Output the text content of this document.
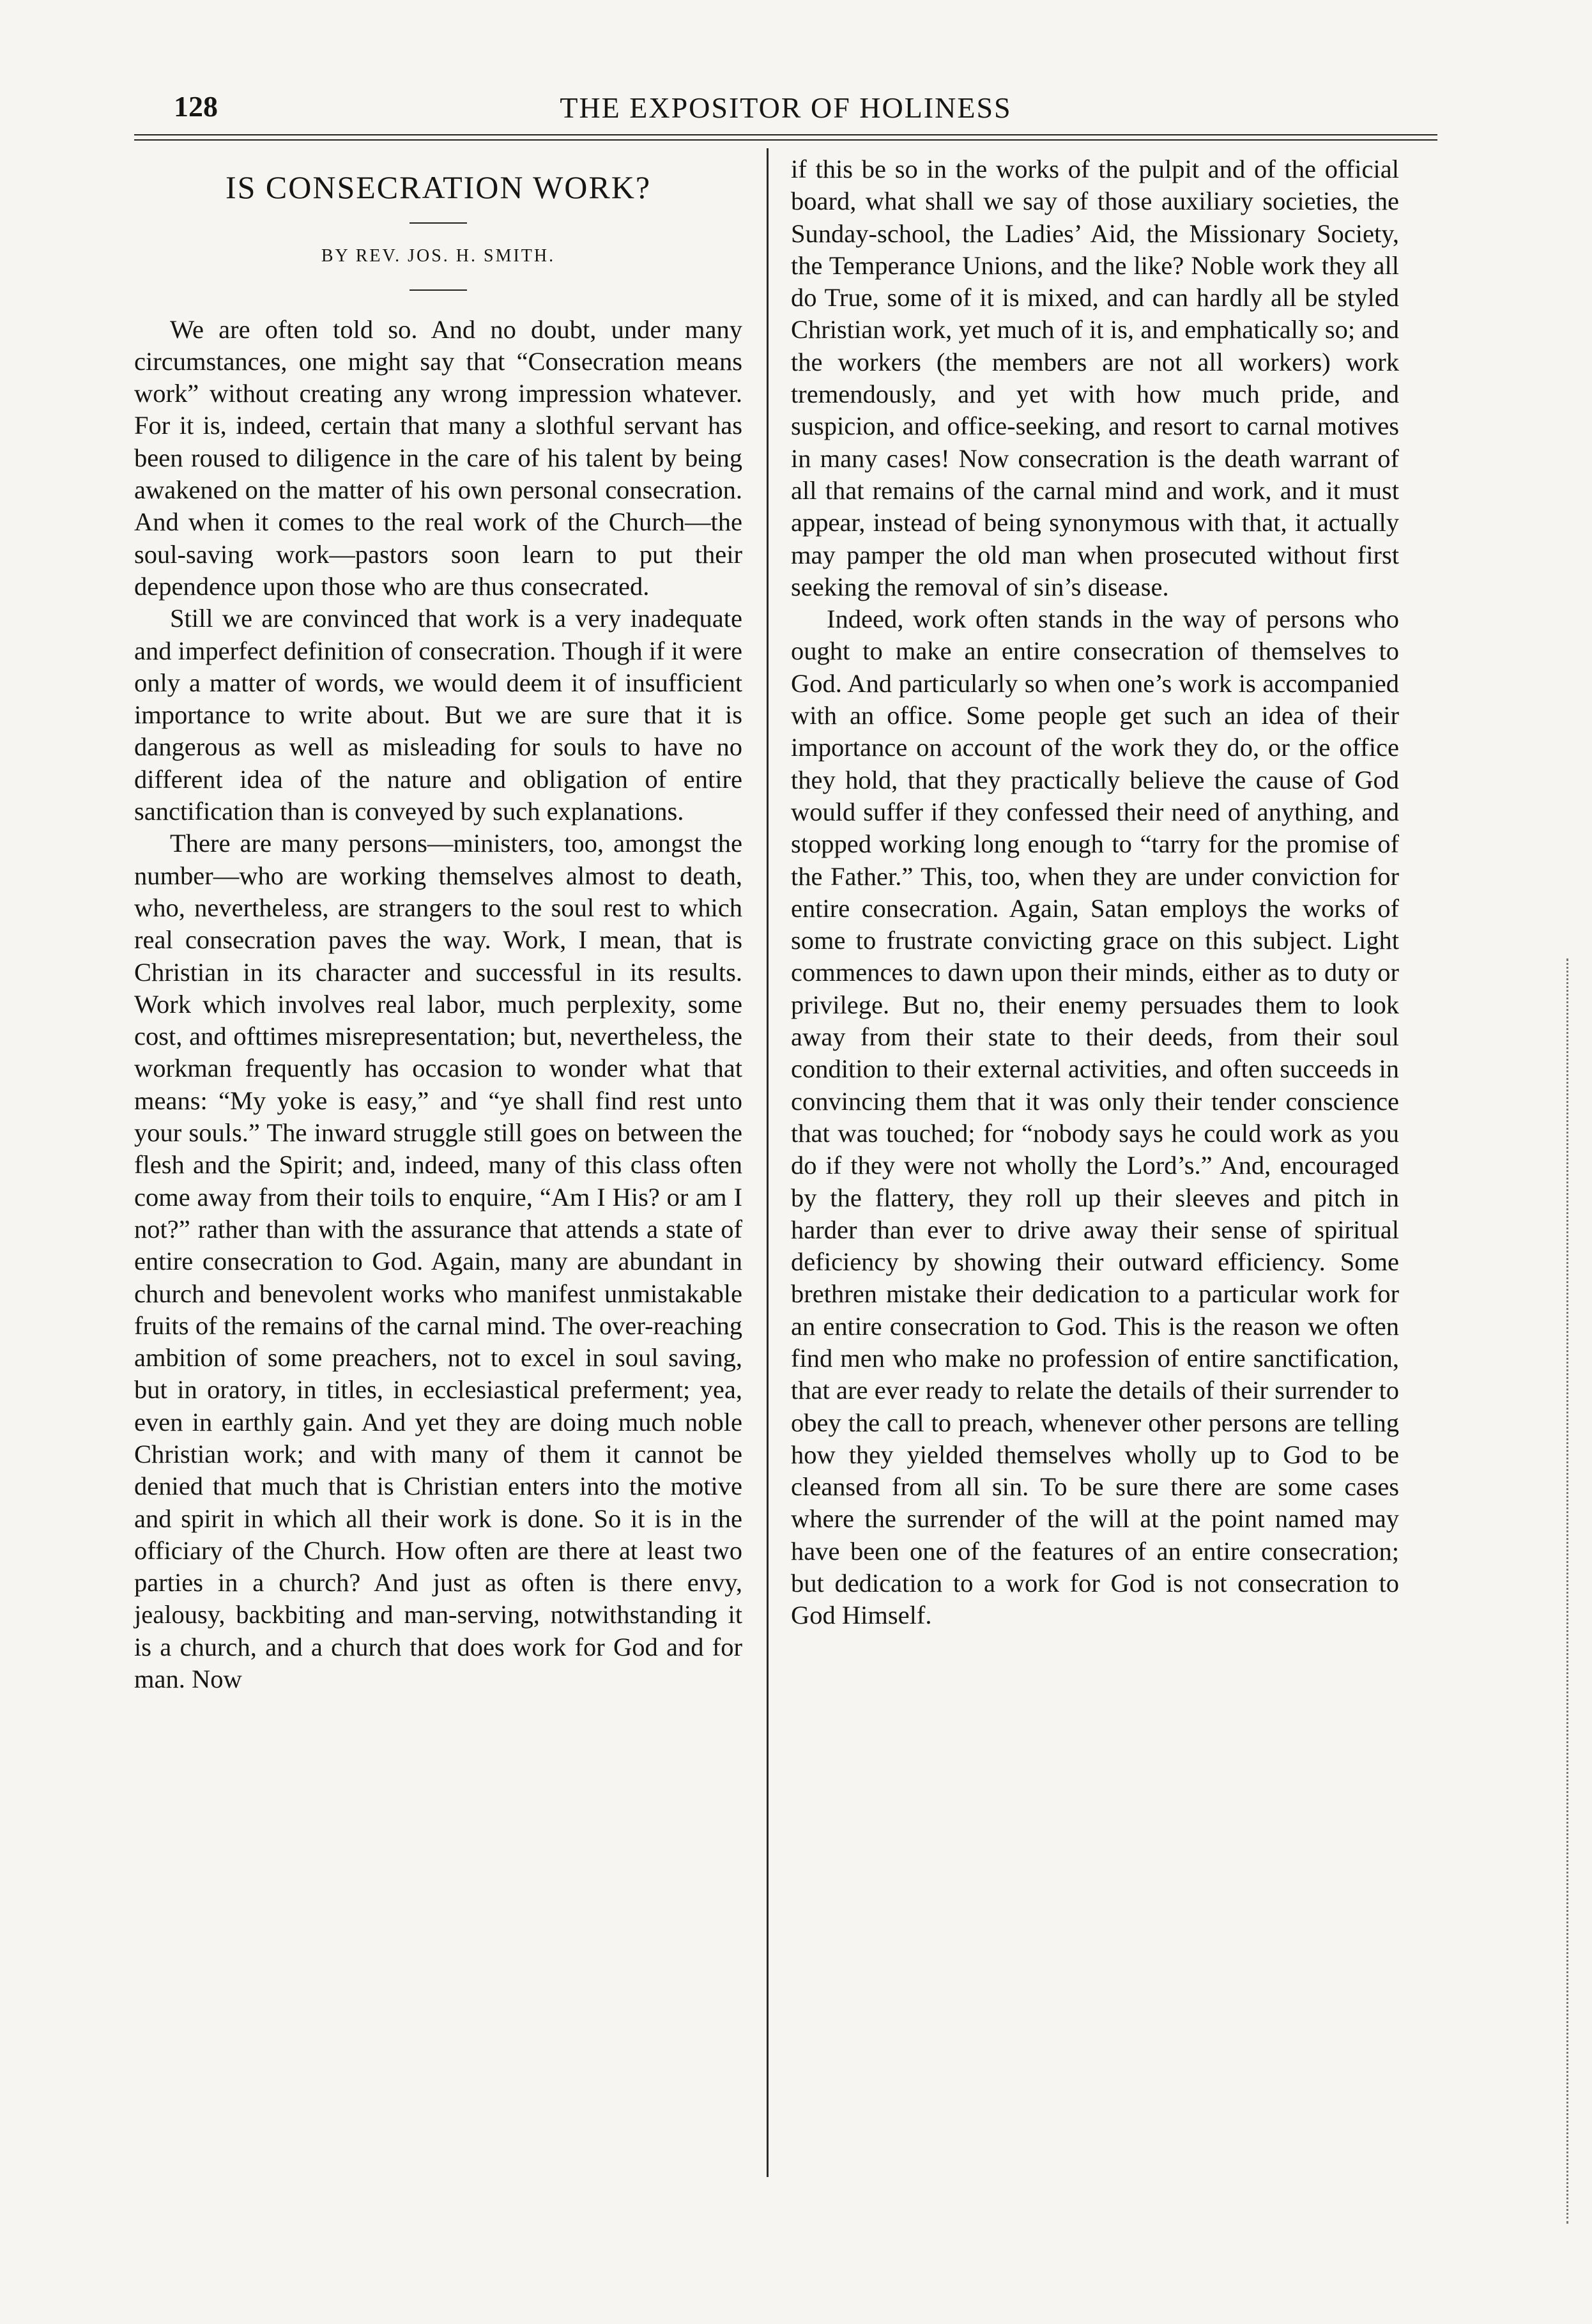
128	THE EXPOSITOR OF HOLINESS
IS CONSECRATION WORK?
BY REV. JOS. H. SMITH.

We are often told so. And no doubt, under many circumstances, one might say that “Consecration means work” without creating any wrong impression whatever. For it is, indeed, certain that many a slothful servant has been roused to diligence in the care of his talent by being awakened on the matter of his own personal consecration. And when it comes to the real work of the Church—the soul-saving work—pastors soon learn to put their dependence upon those who are thus consecrated.

Still we are convinced that work is a very inadequate and imperfect definition of consecration. Though if it were only a matter of words, we would deem it of insufficient importance to write about. But we are sure that it is dangerous as well as misleading for souls to have no different idea of the nature and obligation of entire sanctification than is conveyed by such explanations.

There are many persons—ministers, too, amongst the number—who are working themselves almost to death, who, nevertheless, are strangers to the soul rest to which real consecration paves the way. Work, I mean, that is Christian in its character and successful in its results. Work which involves real labor, much perplexity, some cost, and ofttimes misrepresentation; but, nevertheless, the workman frequently has occasion to wonder what that means: “My yoke is easy,” and “ye shall find rest unto your souls.” The inward struggle still goes on between the flesh and the Spirit; and, indeed, many of this class often come away from their toils to enquire, “Am I His? or am I not?” rather than with the assurance that attends a state of entire consecration to God. Again, many are abundant in church and benevolent works who manifest unmistakable fruits of the remains of the carnal mind. The over-reaching ambition of some preachers, not to excel in soul saving, but in oratory, in titles, in ecclesiastical preferment; yea, even in earthly gain. And yet they are doing much noble Christian work; and with many of them it cannot be denied that much that is Christian enters into the motive and spirit in which all their work is done. So it is in the officiary of the Church. How often are there at least two parties in a church? And just as often is there envy, jealousy, backbiting and man-serving, notwithstanding it is a church, and a church that does work for God and for man. Now

if this be so in the works of the pulpit and of the official board, what shall we say of those auxiliary societies, the Sunday-school, the Ladies’ Aid, the Missionary Society, the Temperance Unions, and the like? Noble work they all do True, some of it is mixed, and can hardly all be styled Christian work, yet much of it is, and emphatically so; and the workers (the members are not all workers) work tremendously, and yet with how much pride, and suspicion, and office-seeking, and resort to carnal motives in many cases! Now consecration is the death warrant of all that remains of the carnal mind and work, and it must appear, instead of being synonymous with that, it actually may pamper the old man when prosecuted without first seeking the removal of sin’s disease.

Indeed, work often stands in the way of persons who ought to make an entire consecration of themselves to God. And particularly so when one’s work is accompanied with an office. Some people get such an idea of their importance on account of the work they do, or the office they hold, that they practically believe the cause of God would suffer if they confessed their need of anything, and stopped working long enough to “tarry for the promise of the Father.” This, too, when they are under conviction for entire consecration. Again, Satan employs the works of some to frustrate convicting grace on this subject. Light commences to dawn upon their minds, either as to duty or privilege. But no, their enemy persuades them to look away from their state to their deeds, from their soul condition to their external activities, and often succeeds in convincing them that it was only their tender conscience that was touched; for “nobody says he could work as you do if they were not wholly the Lord’s.” And, encouraged by the flattery, they roll up their sleeves and pitch in harder than ever to drive away their sense of spiritual deficiency by showing their outward efficiency. Some brethren mistake their dedication to a particular work for an entire consecration to God. This is the reason we often find men who make no profession of entire sanctification, that are ever ready to relate the details of their surrender to obey the call to preach, whenever other persons are telling how they yielded themselves wholly up to God to be cleansed from all sin. To be sure there are some cases where the surrender of the will at the point named may have been one of the features of an entire consecration; but dedication to a work for God is not consecration to God Himself.
